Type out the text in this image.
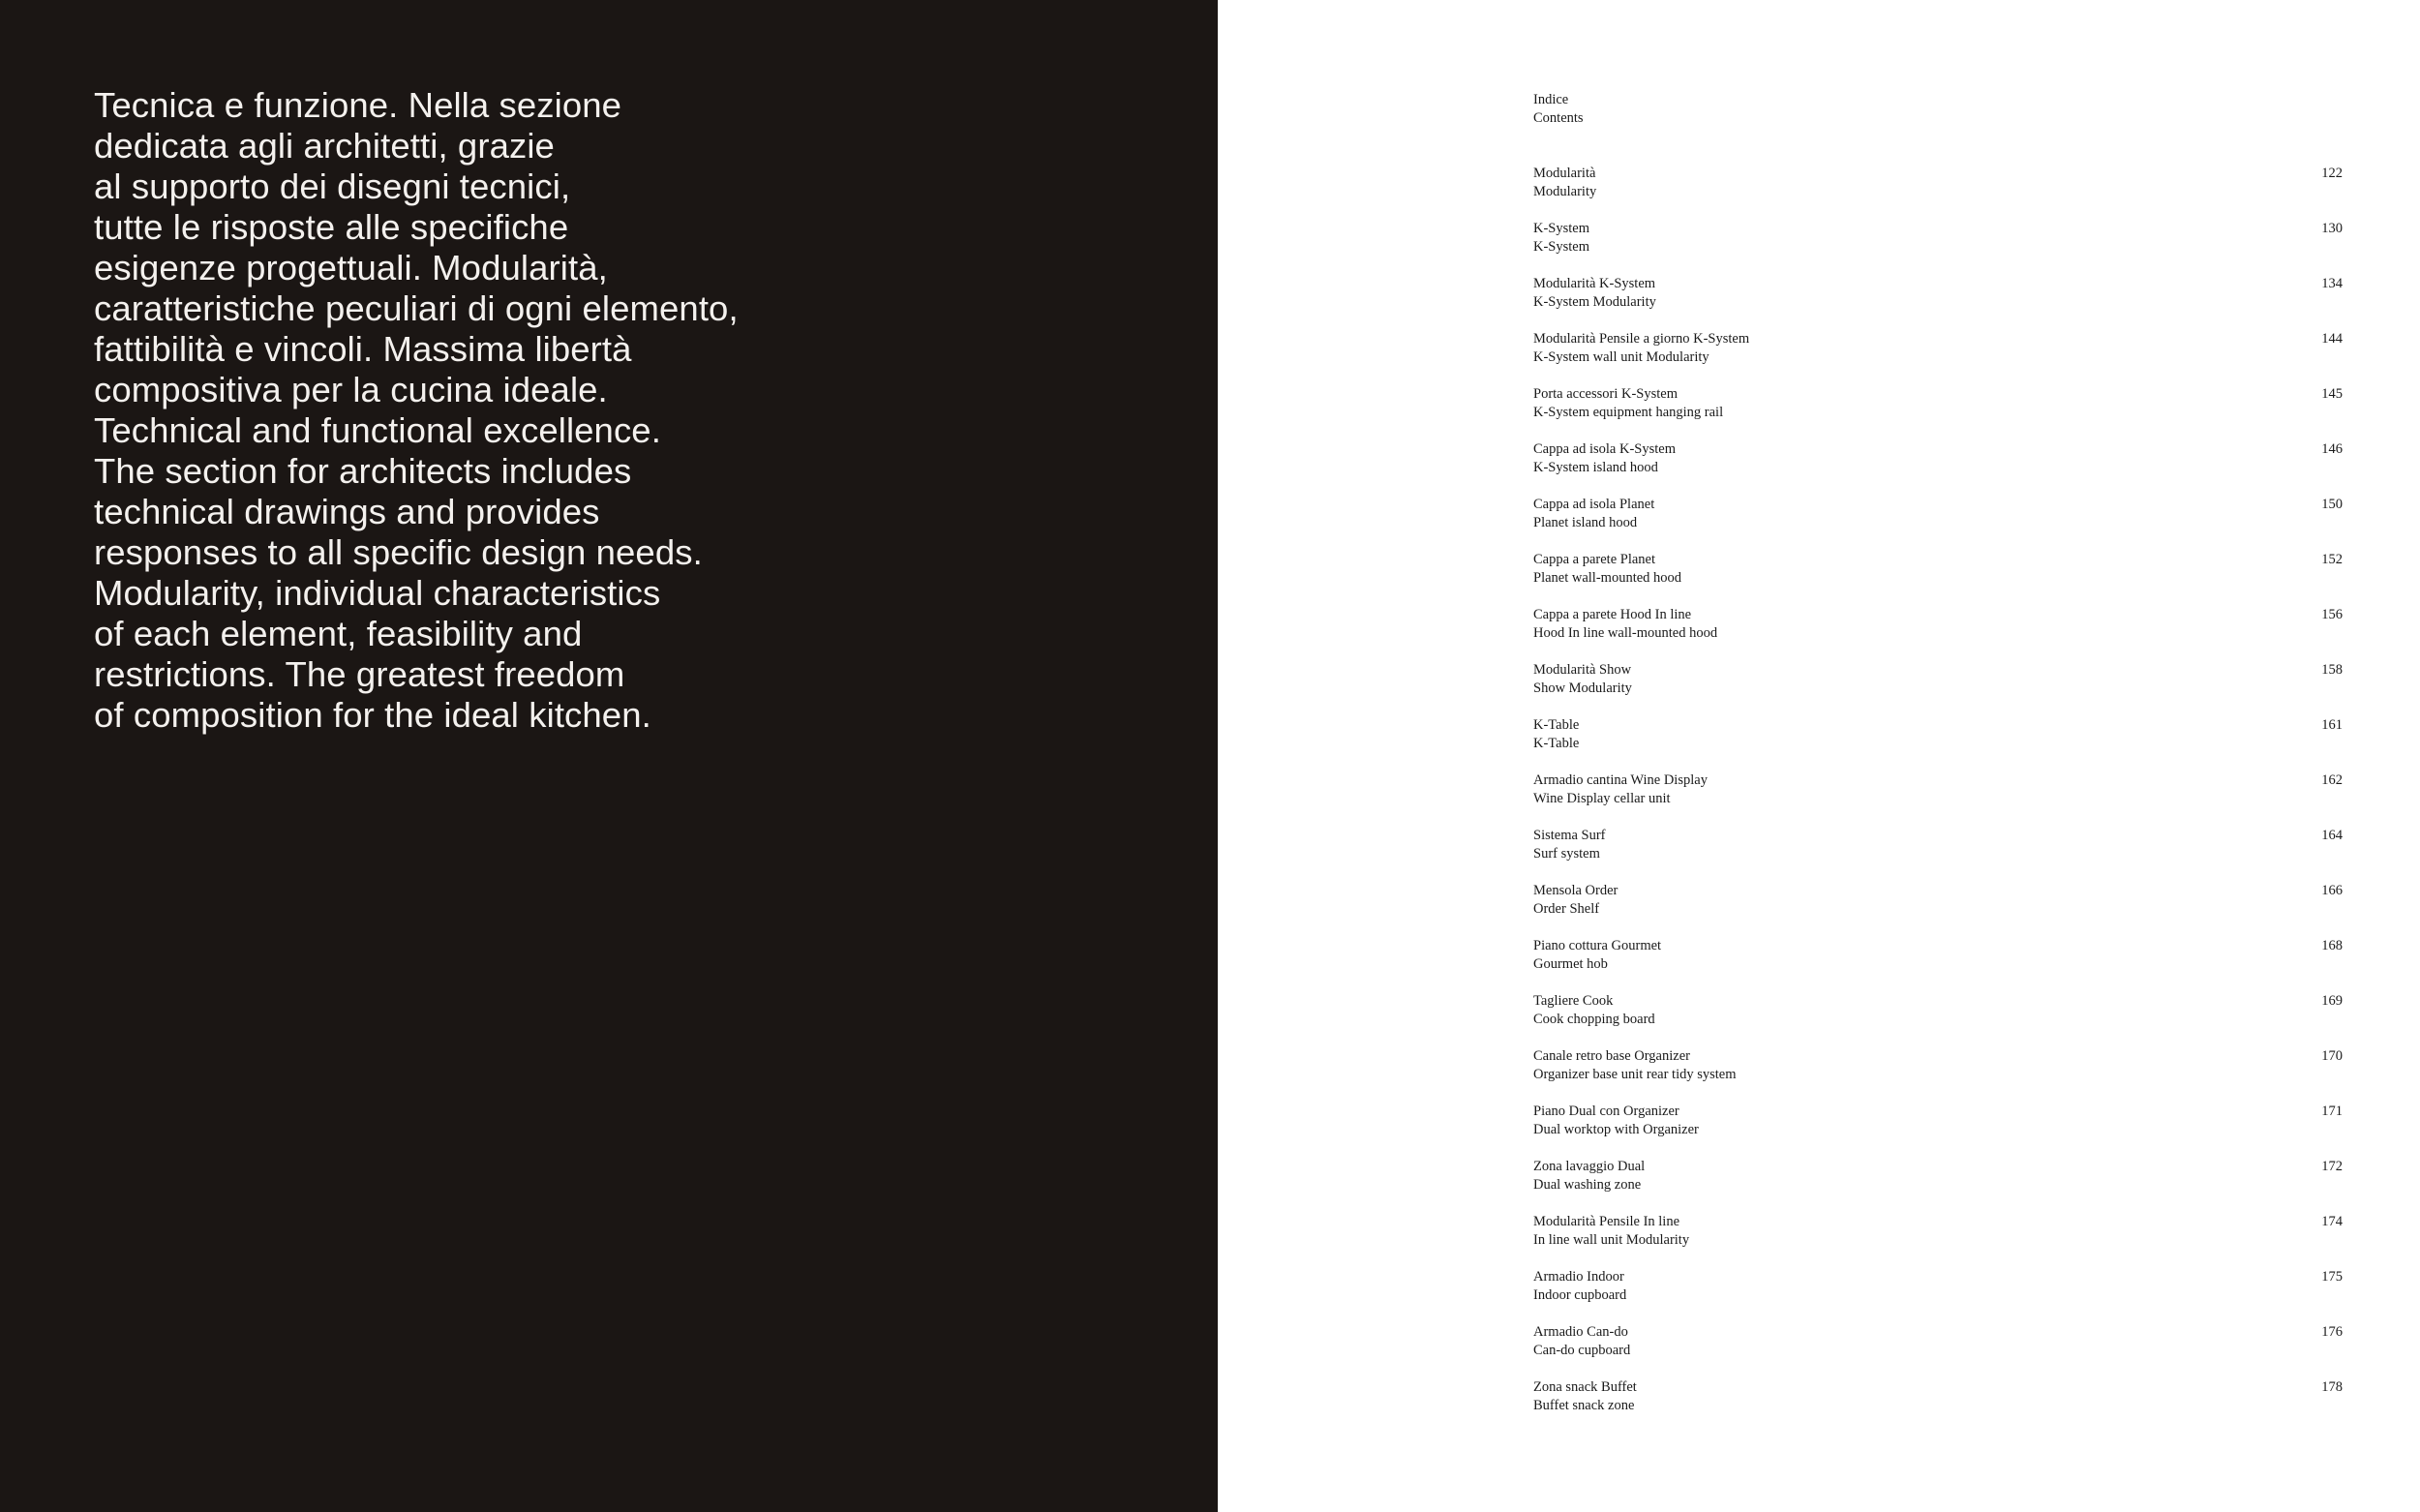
Tecnica e funzione. Nella sezione
dedicata agli architetti, grazie
al supporto dei disegni tecnici,
tutte le risposte alle specifiche
esigenze progettuali. Modularità,
caratteristiche peculiari di ogni elemento,
fattibilità e vincoli. Massima libertà
compositiva per la cucina ideale.
Technical and functional excellence.
The section for architects includes
technical drawings and provides
responses to all specific design needs.
Modularity, individual characteristics
of each element, feasibility and
restrictions. The greatest freedom
of composition for the ideal kitchen.
Indice
Contents
Modularità
Modularity
122
K-System
K-System
130
Modularità K-System
K-System Modularity
134
Modularità Pensile a giorno K-System
K-System wall unit Modularity
144
Porta accessori K-System
K-System equipment hanging rail
145
Cappa ad isola K-System
K-System island hood
146
Cappa ad isola Planet
Planet island hood
150
Cappa a parete Planet
Planet wall-mounted hood
152
Cappa a parete Hood In line
Hood In line wall-mounted hood
156
Modularità Show
Show Modularity
158
K-Table
K-Table
161
Armadio cantina Wine Display
Wine Display cellar unit
162
Sistema Surf
Surf system
164
Mensola Order
Order Shelf
166
Piano cottura Gourmet
Gourmet hob
168
Tagliere Cook
Cook chopping board
169
Canale retro base Organizer
Organizer base unit rear tidy system
170
Piano Dual con Organizer
Dual worktop with Organizer
171
Zona lavaggio Dual
Dual washing zone
172
Modularità Pensile In line
In line wall unit Modularity
174
Armadio Indoor
Indoor cupboard
175
Armadio Can-do
Can-do cupboard
176
Zona snack Buffet
Buffet snack zone
178
